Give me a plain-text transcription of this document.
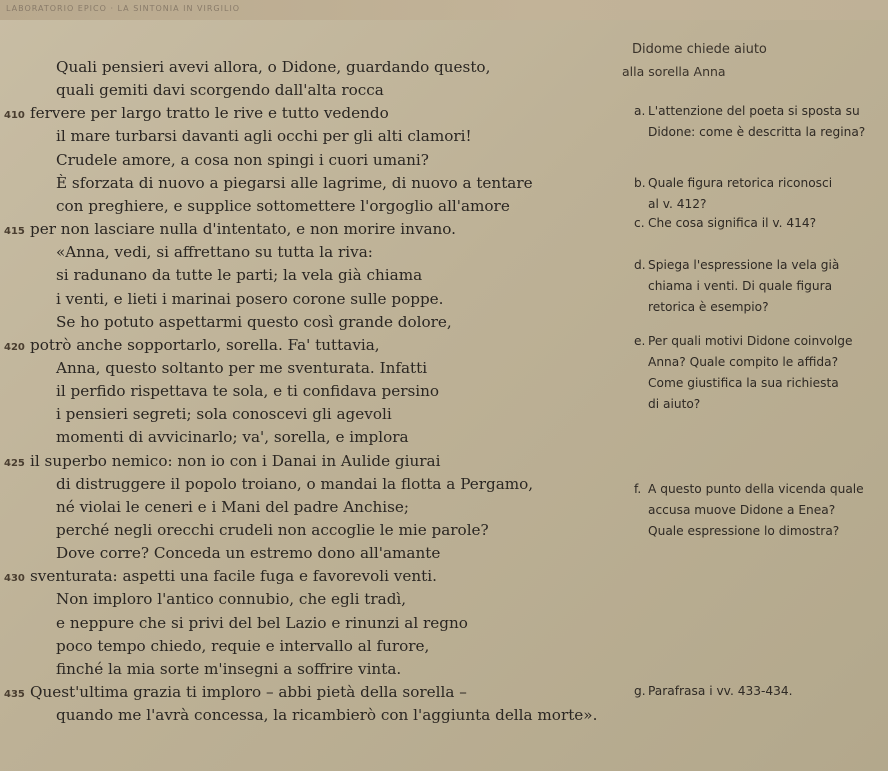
LABORATORIO EPICO · LA SINTONIA IN VIRGILIO
Quali pensieri avevi allora, o Didone, guardando questo,
quali gemiti davi scorgendo dall'alta rocca
410 fervere per largo tratto le rive e tutto vedendo
il mare turbarsi davanti agli occhi per gli alti clamori!
Crudele amore, a cosa non spingi i cuori umani?
È sforzata di nuovo a piegarsi alle lagrime, di nuovo a tentare
con preghiere, e supplice sottomettere l'orgoglio all'amore
415 per non lasciare nulla d'intentato, e non morire invano.
«Anna, vedi, si affrettano su tutta la riva:
si radunano da tutte le parti; la vela già chiama
i venti, e lieti i marinai posero corone sulle poppe.
Se ho potuto aspettarmi questo così grande dolore,
420 potrò anche sopportarlo, sorella. Fa' tuttavia,
Anna, questo soltanto per me sventurata. Infatti
il perfido rispettava te sola, e ti confidava persino
i pensieri segreti; sola conoscevi gli agevoli
momenti di avvicinarlo; va', sorella, e implora
425 il superbo nemico: non io con i Danai in Aulide giurai
di distruggere il popolo troiano, o mandai la flotta a Pergamo,
né violai le ceneri e i Mani del padre Anchise;
perché negli orecchi crudeli non accoglie le mie parole?
Dove corre? Conceda un estremo dono all'amante
430 sventurata: aspetti una facile fuga e favorevoli venti.
Non imploro l'antico connubio, che egli tradì,
e neppure che si privi del bel Lazio e rinunzi al regno
poco tempo chiedo, requie e intervallo al furore,
finché la mia sorte m'insegni a soffrire vinta.
435 Quest'ultima grazia ti imploro – abbi pietà della sorella –
quando me l'avrà concessa, la ricambierò con l'aggiunta della morte».
Didome chiede aiuto
alla sorella Anna
a. L'attenzione del poeta si sposta su
Didone: come è descritta la regina?
b. Quale figura retorica riconosci
al v. 412?
c. Che cosa significa il v. 414?
d. Spiega l'espressione la vela già
chiama i venti. Di quale figura
retorica è esempio?
e. Per quali motivi Didone coinvolge
Anna? Quale compito le affida?
Come giustifica la sua richiesta
di aiuto?
f. A questo punto della vicenda quale
accusa muove Didone a Enea?
Quale espressione lo dimostra?
g. Parafrasa i vv. 433-434.
